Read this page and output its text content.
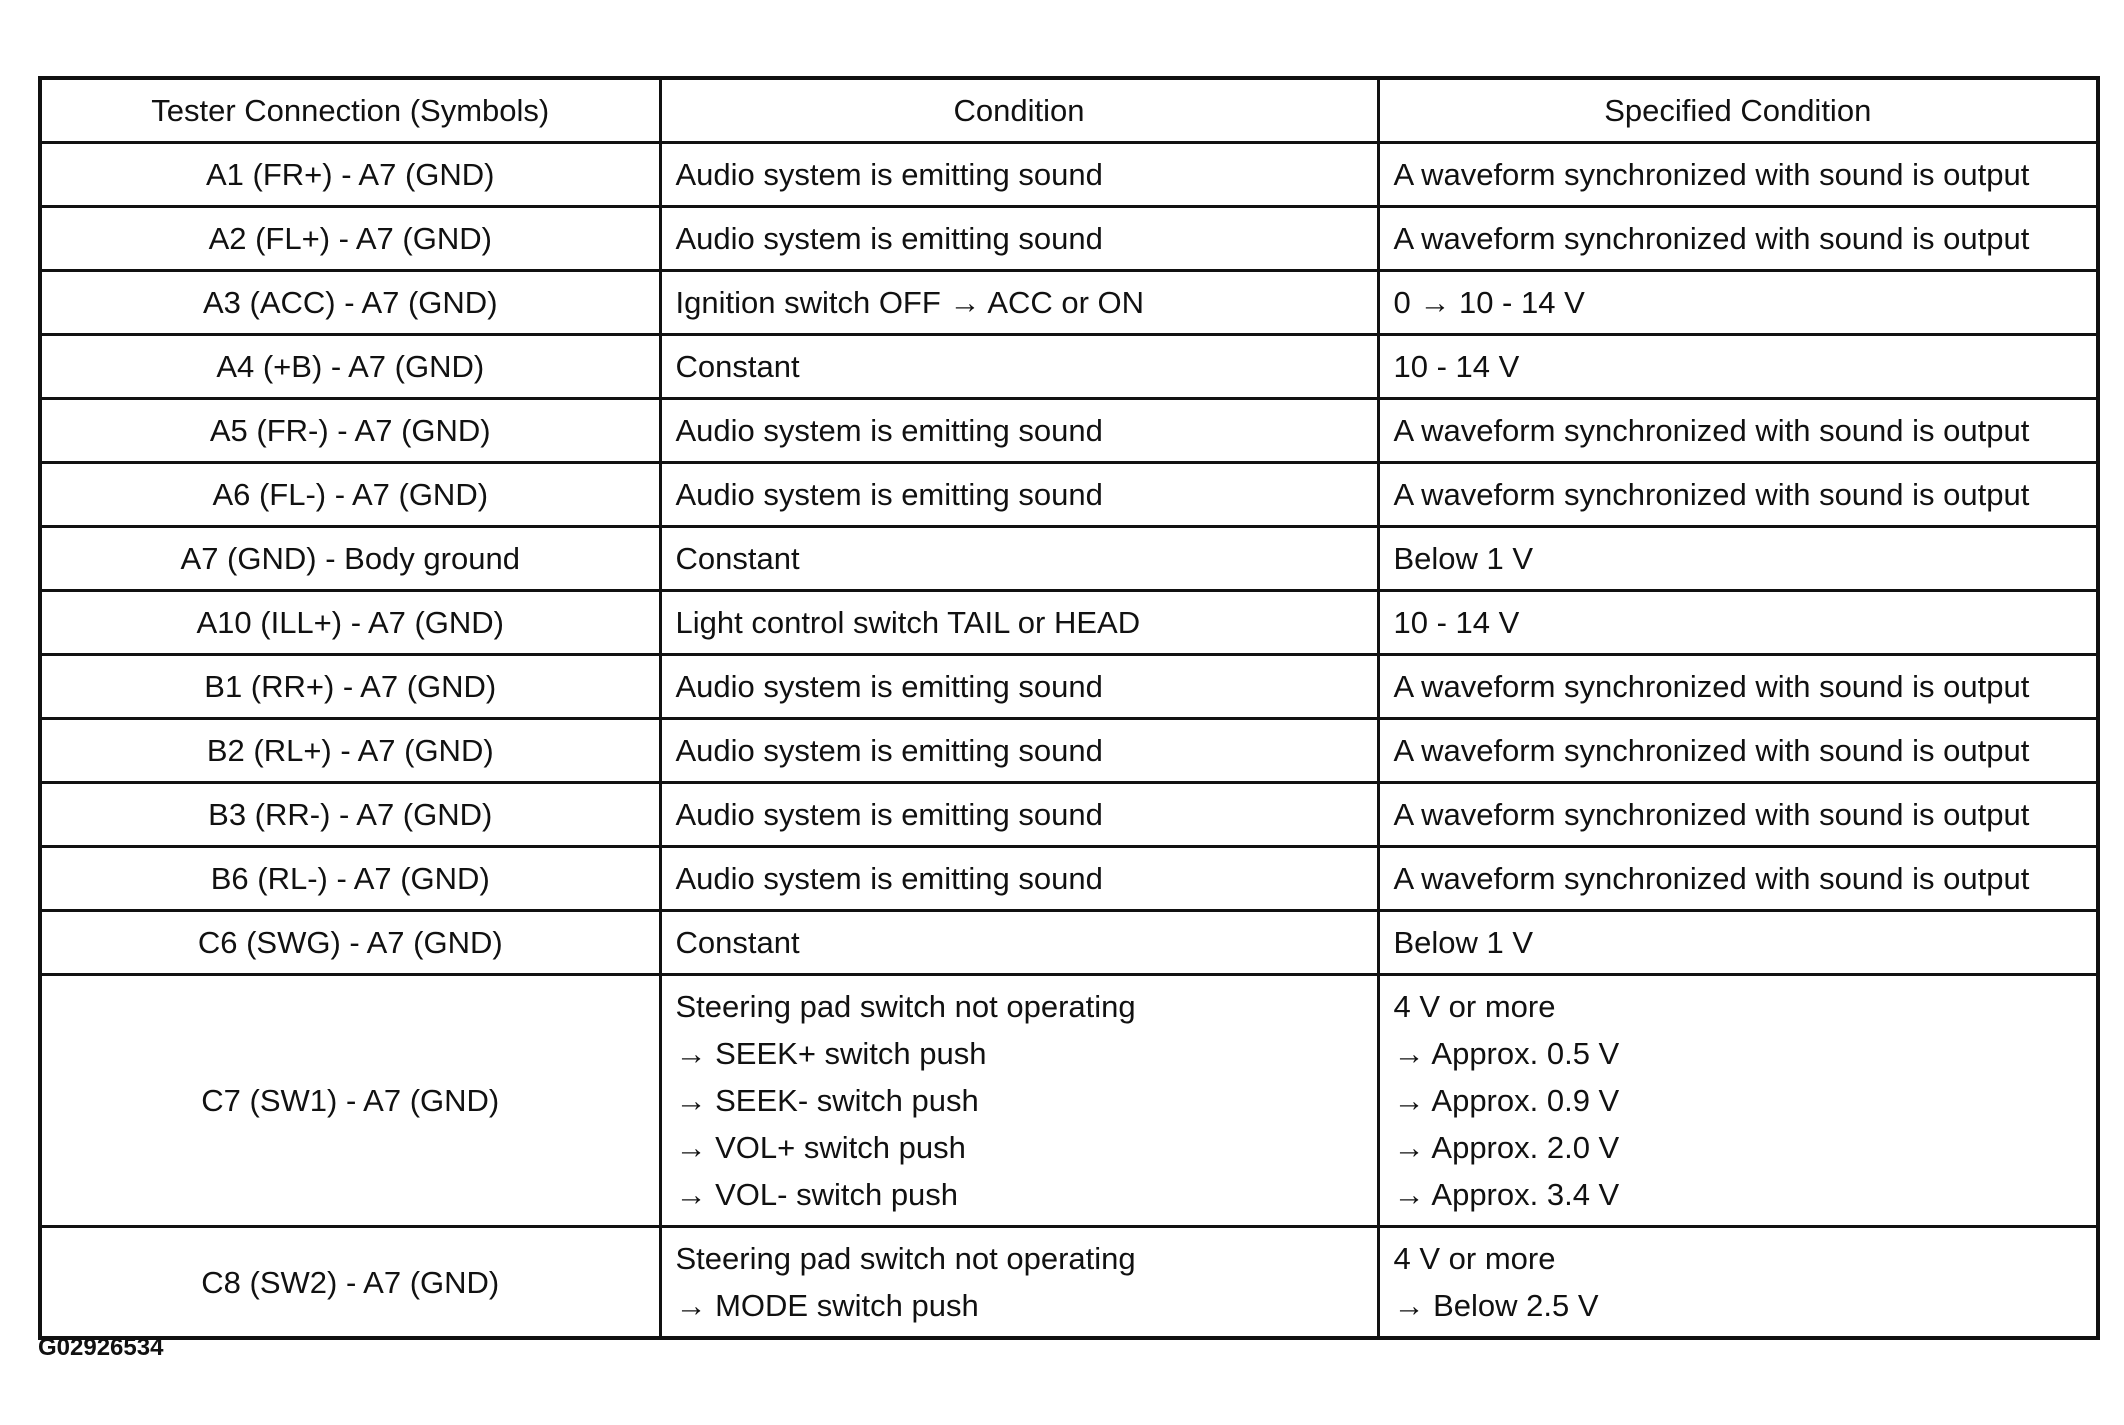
Tester Connection (Symbols)	Condition	Specified Condition
A1 (FR+) - A7 (GND)	Audio system is emitting sound	A waveform synchronized with sound is output

A2 (FL+) - A7 (GND)	Audio system is emitting sound	A waveform synchronized with sound is output

A3 (ACC) - A7 (GND)	Ignition switch OFF → ACC or ON	0 → 10 - 14 V

A4 (+B) - A7 (GND)	Constant	10 - 14 V

A5 (FR-) - A7 (GND)	Audio system is emitting sound	A waveform synchronized with sound is output

A6 (FL-) - A7 (GND)	Audio system is emitting sound	A waveform synchronized with sound is output

A7 (GND) - Body ground	Constant	Below 1 V

A10 (ILL+) - A7 (GND)	Light control switch TAIL or HEAD	10 - 14 V

B1 (RR+) - A7 (GND)	Audio system is emitting sound	A waveform synchronized with sound is output

B2 (RL+) - A7 (GND)	Audio system is emitting sound	A waveform synchronized with sound is output

B3 (RR-) - A7 (GND)	Audio system is emitting sound	A waveform synchronized with sound is output

B6 (RL-) - A7 (GND)	Audio system is emitting sound	A waveform synchronized with sound is output

C6 (SWG) - A7 (GND)	Constant	Below 1 V

C7 (SW1) - A7 (GND)	Steering pad switch not operating
→ SEEK+ switch push
→ SEEK- switch push
→ VOL+ switch push
→ VOL- switch push	4 V or more
→ Approx. 0.5 V
→ Approx. 0.9 V
→ Approx. 2.0 V
→ Approx. 3.4 V

C8 (SW2) - A7 (GND)	Steering pad switch not operating
→ MODE switch push	4 V or more
→ Below 2.5 V
G02926534
